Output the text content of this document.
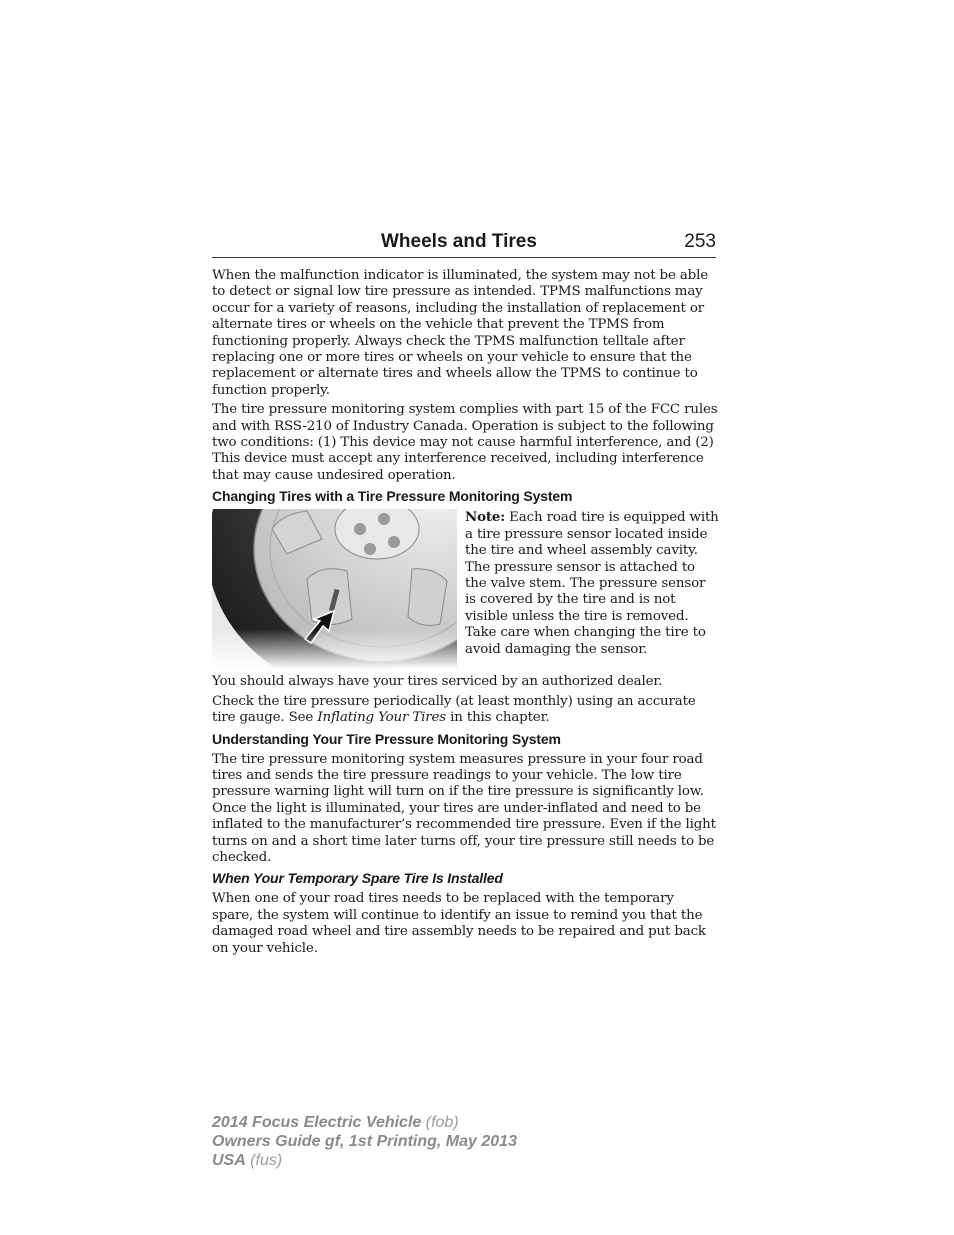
Wheels and Tires	253

When the malfunction indicator is illuminated, the system may not be able to detect or signal low tire pressure as intended. TPMS malfunctions may occur for a variety of reasons, including the installation of replacement or alternate tires or wheels on the vehicle that prevent the TPMS from functioning properly. Always check the TPMS malfunction telltale after replacing one or more tires or wheels on your vehicle to ensure that the replacement or alternate tires and wheels allow the TPMS to continue to function properly.

The tire pressure monitoring system complies with part 15 of the FCC rules and with RSS-210 of Industry Canada. Operation is subject to the following two conditions: (1) This device may not cause harmful interference, and (2) This device must accept any interference received, including interference that may cause undesired operation.

Changing Tires with a Tire Pressure Monitoring System
Note: Each road tire is equipped with a tire pressure sensor located inside the tire and wheel assembly cavity. The pressure sensor is attached to the valve stem. The pressure sensor is covered by the tire and is not visible unless the tire is removed. Take care when changing the tire to avoid damaging the sensor.

You should always have your tires serviced by an authorized dealer.

Check the tire pressure periodically (at least monthly) using an accurate tire gauge. See Inflating Your Tires in this chapter.

Understanding Your Tire Pressure Monitoring System

The tire pressure monitoring system measures pressure in your four road tires and sends the tire pressure readings to your vehicle. The low tire pressure warning light will turn on if the tire pressure is significantly low. Once the light is illuminated, your tires are under-inflated and need to be inflated to the manufacturer’s recommended tire pressure. Even if the light turns on and a short time later turns off, your tire pressure still needs to be checked.

When Your Temporary Spare Tire Is Installed

When one of your road tires needs to be replaced with the temporary spare, the system will continue to identify an issue to remind you that the damaged road wheel and tire assembly needs to be repaired and put back on your vehicle.

2014 Focus Electric Vehicle (fob)
Owners Guide gf, 1st Printing, May 2013
USA (fus)
